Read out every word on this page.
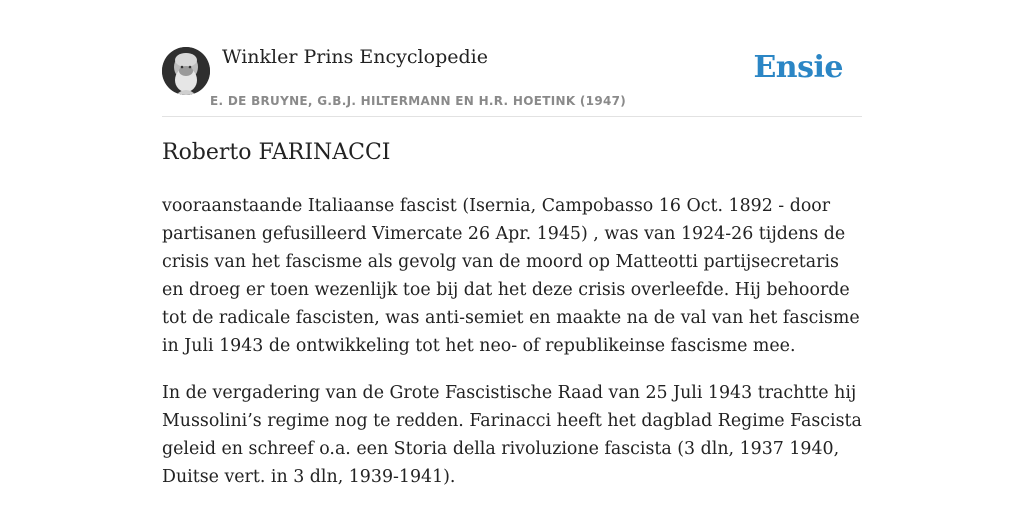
Winkler Prins Encyclopedie
E. DE BRUYNE, G.B.J. HILTERMANN EN H.R. HOETINK (1947)
Ensie
Roberto FARINACCI

vooraanstaande Italiaanse fascist (Isernia, Campobasso 16 Oct. 1892 - door partisanen gefusilleerd Vimercate 26 Apr. 1945) , was van 1924-26 tijdens de crisis van het fascisme als gevolg van de moord op Matteotti partijsecretaris en droeg er toen wezenlijk toe bij dat het deze crisis overleefde. Hij behoorde tot de radicale fascisten, was anti-semiet en maakte na de val van het fascisme in Juli 1943 de ontwikkeling tot het neo- of republikeinse fascisme mee.

In de vergadering van de Grote Fascistische Raad van 25 Juli 1943 trachtte hij Mussolini’s regime nog te redden. Farinacci heeft het dagblad Regime Fascista geleid en schreef o.a. een Storia della rivoluzione fascista (3 dln, 1937 1940, Duitse vert. in 3 dln, 1939-1941).
